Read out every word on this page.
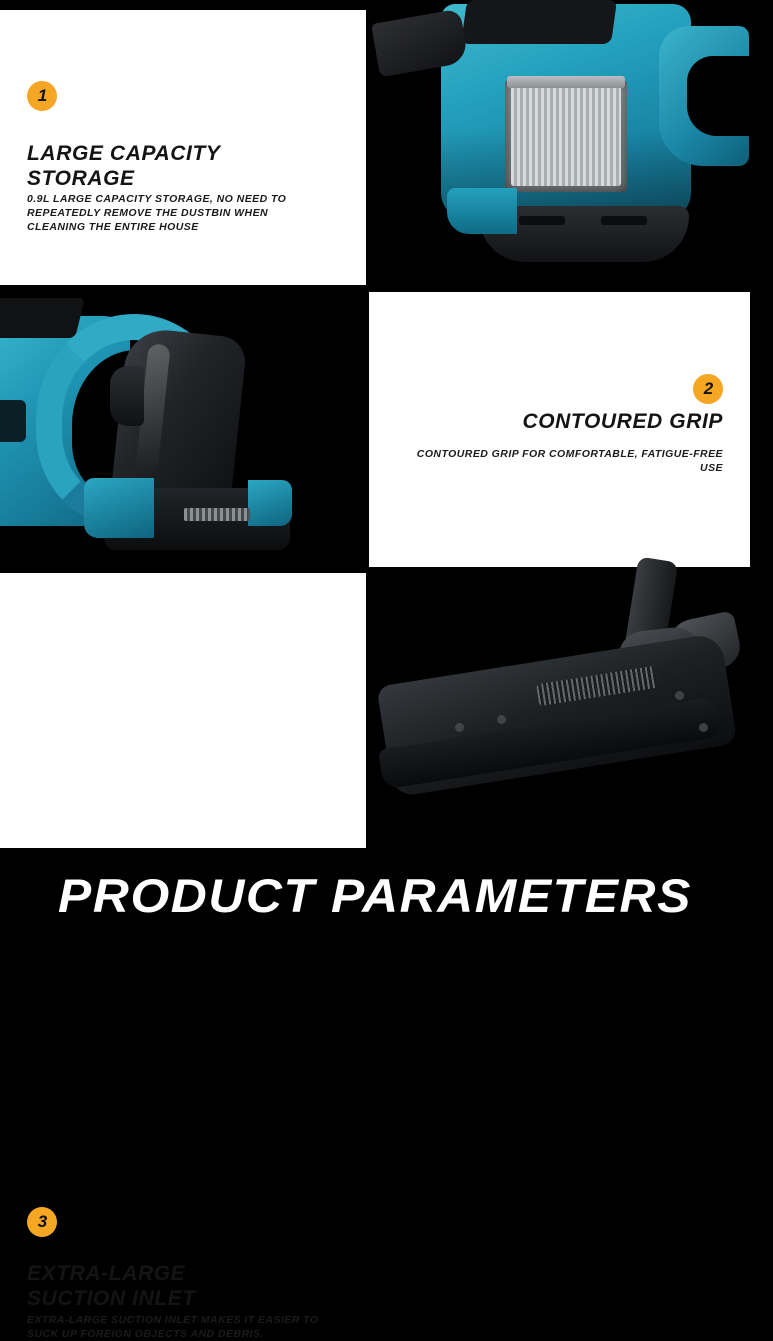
1
LARGE CAPACITY
STORAGE
0.9L LARGE CAPACITY STORAGE, NO NEED TO REPEATEDLY REMOVE THE DUSTBIN WHEN CLEANING THE ENTIRE HOUSE
2
CONTOURED GRIP
CONTOURED GRIP FOR COMFORTABLE, FATIGUE-FREE USE
3
EXTRA-LARGE
SUCTION INLET
EXTRA-LARGE SUCTION INLET MAKES IT EASIER TO SUCK UP FOREIGN OBJECTS AND DEBRIS.
PRODUCT PARAMETERS
